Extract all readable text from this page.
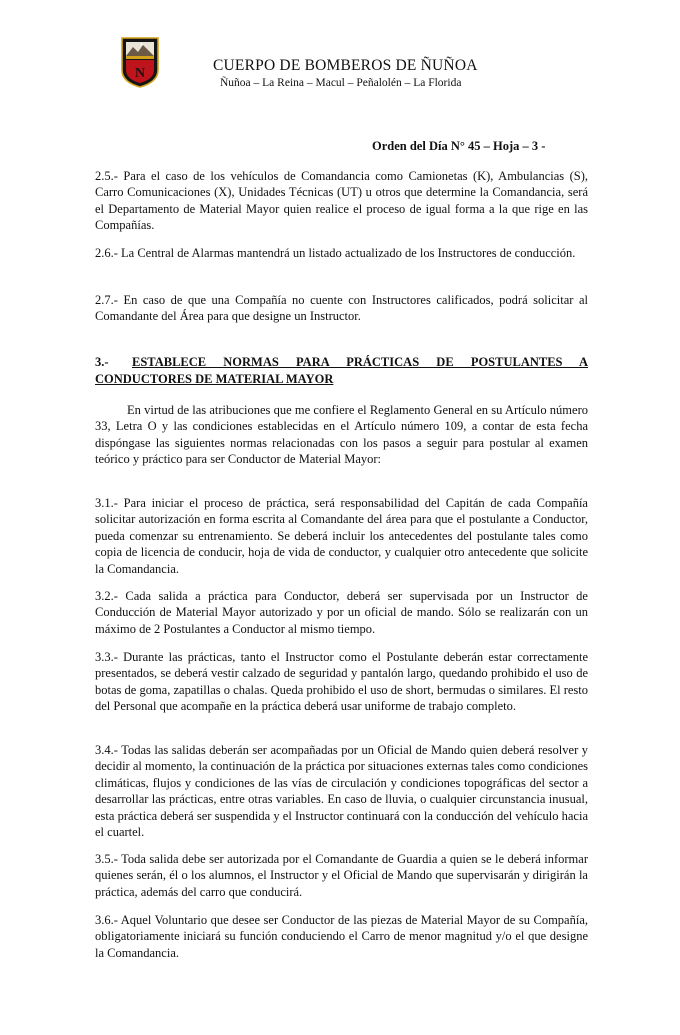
N	CUERPO DE BOMBEROS DE ÑUÑOA
Ñuñoa – La Reina – Macul – Peñalolén – La Florida
Orden del Día N° 45 – Hoja – 3 -

2.5.- Para el caso de los vehículos de Comandancia como Camionetas (K), Ambulancias (S), Carro Comunicaciones (X), Unidades Técnicas (UT) u otros que determine la Comandancia, será el Departamento de Material Mayor quien realice el proceso de igual forma a la que rige en las Compañías.

2.6.- La Central de Alarmas mantendrá un listado actualizado de los Instructores de conducción.

2.7.- En caso de que una Compañía no cuente con Instructores calificados, podrá solicitar al Comandante del Área para que designe un Instructor.

3.- ESTABLECE NORMAS PARA PRÁCTICAS DE POSTULANTES A CONDUCTORES DE MATERIAL MAYOR

En virtud de las atribuciones que me confiere el Reglamento General en su Artículo número 33, Letra O y las condiciones establecidas en el Artículo número 109, a contar de esta fecha dispóngase las siguientes normas relacionadas con los pasos a seguir para postular al examen teórico y práctico para ser Conductor de Material Mayor:

3.1.- Para iniciar el proceso de práctica, será responsabilidad del Capitán de cada Compañía solicitar autorización en forma escrita al Comandante del área para que el postulante a Conductor, pueda comenzar su entrenamiento. Se deberá incluir los antecedentes del postulante tales como copia de licencia de conducir, hoja de vida de conductor, y cualquier otro antecedente que solicite la Comandancia.

3.2.- Cada salida a práctica para Conductor, deberá ser supervisada por un Instructor de Conducción de Material Mayor autorizado y por un oficial de mando. Sólo se realizarán con un máximo de 2 Postulantes a Conductor al mismo tiempo.

3.3.- Durante las prácticas, tanto el Instructor como el Postulante deberán estar correctamente presentados, se deberá vestir calzado de seguridad y pantalón largo, quedando prohibido el uso de botas de goma, zapatillas o chalas. Queda prohibido el uso de short, bermudas o similares. El resto del Personal que acompañe en la práctica deberá usar uniforme de trabajo completo.

3.4.- Todas las salidas deberán ser acompañadas por un Oficial de Mando quien deberá resolver y decidir al momento, la continuación de la práctica por situaciones externas tales como condiciones climáticas, flujos y condiciones de las vías de circulación y condiciones topográficas del sector a desarrollar las prácticas, entre otras variables. En caso de lluvia, o cualquier circunstancia inusual, esta práctica deberá ser suspendida y el Instructor continuará con la conducción del vehículo hacia el cuartel.

3.5.- Toda salida debe ser autorizada por el Comandante de Guardia a quien se le deberá informar quienes serán, él o los alumnos, el Instructor y el Oficial de Mando que supervisarán y dirigirán la práctica, además del carro que conducirá.

3.6.- Aquel Voluntario que desee ser Conductor de las piezas de Material Mayor de su Compañía, obligatoriamente iniciará su función conduciendo el Carro de menor magnitud y/o el que designe la Comandancia.
